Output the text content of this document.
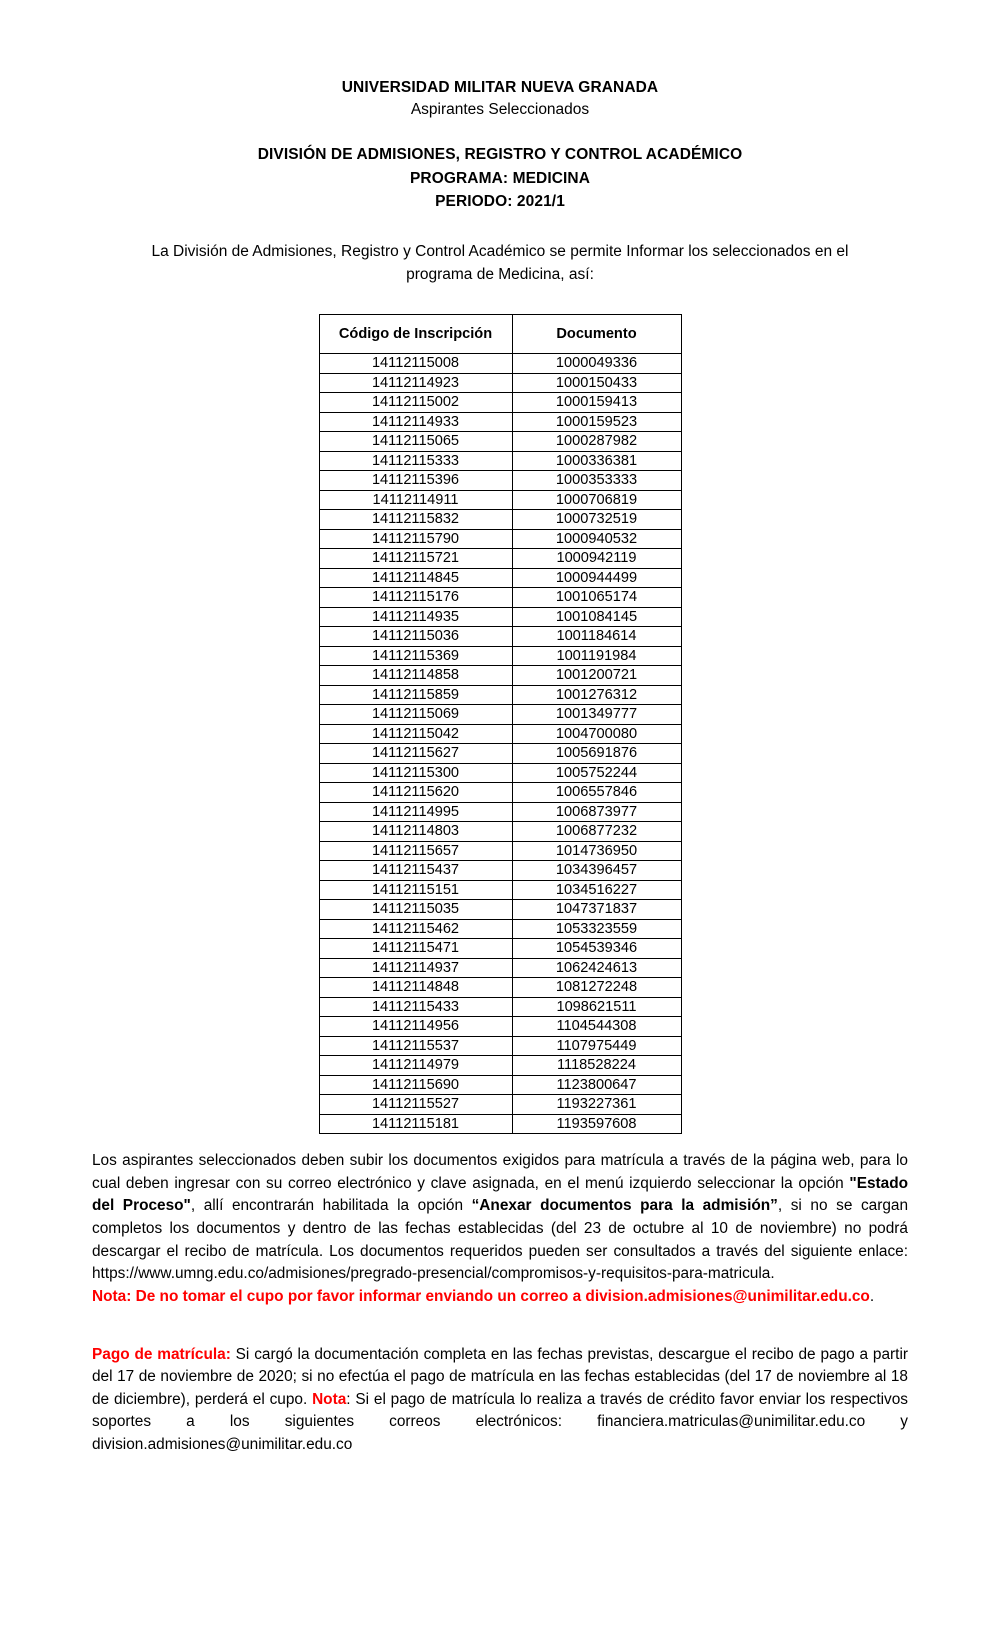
UNIVERSIDAD MILITAR NUEVA GRANADA
Aspirantes Seleccionados
DIVISIÓN DE ADMISIONES, REGISTRO Y CONTROL ACADÉMICO
PROGRAMA: MEDICINA
PERIODO: 2021/1
La División de Admisiones, Registro y Control Académico se permite Informar los seleccionados en el programa de Medicina, así:
Código de Inscripción	Documento
14112115008	1000049336
14112114923	1000150433
14112115002	1000159413
14112114933	1000159523
14112115065	1000287982
14112115333	1000336381
14112115396	1000353333
14112114911	1000706819
14112115832	1000732519
14112115790	1000940532
14112115721	1000942119
14112114845	1000944499
14112115176	1001065174
14112114935	1001084145
14112115036	1001184614
14112115369	1001191984
14112114858	1001200721
14112115859	1001276312
14112115069	1001349777
14112115042	1004700080
14112115627	1005691876
14112115300	1005752244
14112115620	1006557846
14112114995	1006873977
14112114803	1006877232
14112115657	1014736950
14112115437	1034396457
14112115151	1034516227
14112115035	1047371837
14112115462	1053323559
14112115471	1054539346
14112114937	1062424613
14112114848	1081272248
14112115433	1098621511
14112114956	1104544308
14112115537	1107975449
14112114979	1118528224
14112115690	1123800647
14112115527	1193227361
14112115181	1193597608

Los aspirantes seleccionados deben subir los documentos exigidos para matrícula a través de la página web, para lo cual deben ingresar con su correo electrónico y clave asignada, en el menú izquierdo seleccionar la opción "Estado del Proceso", allí encontrarán habilitada la opción “Anexar documentos para la admisión”, si no se cargan completos los documentos y dentro de las fechas establecidas (del 23 de octubre al 10 de noviembre) no podrá descargar el recibo de matrícula. Los documentos requeridos pueden ser consultados a través del siguiente enlace: https://www.umng.edu.co/admisiones/pregrado-presencial/compromisos-y-requisitos-para-matricula.

Nota: De no tomar el cupo por favor informar enviando un correo a division.admisiones@unimilitar.edu.co.

Pago de matrícula: Si cargó la documentación completa en las fechas previstas, descargue el recibo de pago a partir del 17 de noviembre de 2020; si no efectúa el pago de matrícula en las fechas establecidas (del 17 de noviembre al 18 de diciembre), perderá el cupo. Nota: Si el pago de matrícula lo realiza a través de crédito favor enviar los respectivos soportes a los siguientes correos electrónicos: financiera.matriculas@unimilitar.edu.co y division.admisiones@unimilitar.edu.co
